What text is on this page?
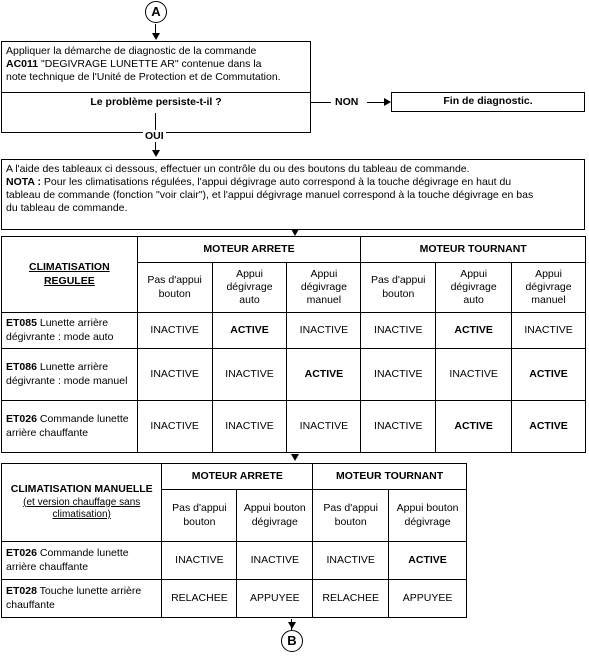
A
Appliquer la démarche de diagnostic de la commande
AC011 "DEGIVRAGE LUNETTE AR" contenue dans la
note technique de l'Unité de Protection et de Commutation.
Le problème persiste-t-il ?	NON	Fin de diagnostic.
OUI
A l'aide des tableaux ci dessous, effectuer un contrôle du ou des boutons du tableau de commande.
NOTA : Pour les climatisations régulées, l'appui dégivrage auto correspond à la touche dégivrage en haut du
tableau de commande (fonction "voir clair"), et l'appui dégivrage manuel correspond à la touche dégivrage en bas
du tableau de commande.
CLIMATISATION REGULEE	MOTEUR ARRETE			MOTEUR TOURNANT		
	Pas d'appui bouton	Appui dégivrage auto	Appui dégivrage manuel	Pas d'appui bouton	Appui dégivrage auto	Appui dégivrage manuel
ET085 Lunette arrière dégivrante : mode auto	INACTIVE	ACTIVE	INACTIVE	INACTIVE	ACTIVE	INACTIVE
ET086 Lunette arrière dégivrante : mode manuel	INACTIVE	INACTIVE	ACTIVE	INACTIVE	INACTIVE	ACTIVE
ET026 Commande lunette arrière chauffante	INACTIVE	INACTIVE	INACTIVE	INACTIVE	ACTIVE	ACTIVE
CLIMATISATION MANUELLE
(et version chauffage sans climatisation)	MOTEUR ARRETE		MOTEUR TOURNANT	
	Pas d'appui bouton	Appui bouton dégivrage	Pas d'appui bouton	Appui bouton dégivrage
ET026 Commande lunette arrière chauffante	INACTIVE	INACTIVE	INACTIVE	ACTIVE
ET028 Touche lunette arrière chauffante	RELACHEE	APPUYEE	RELACHEE	APPUYEE
B
